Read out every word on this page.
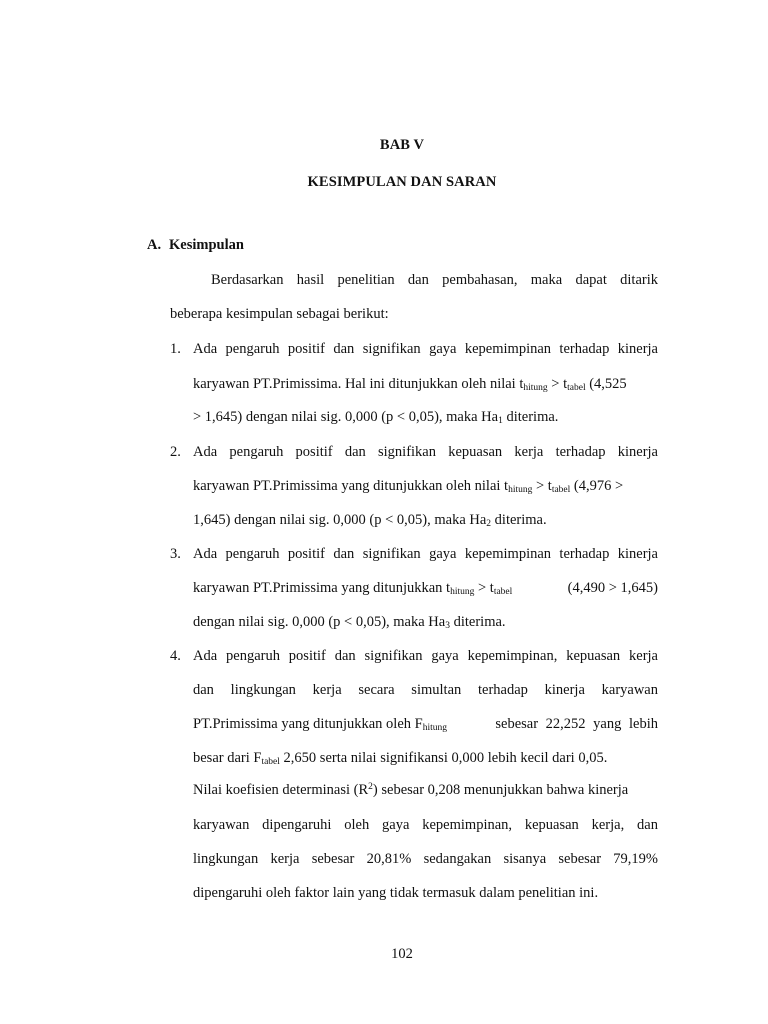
BAB V
KESIMPULAN DAN SARAN
A. Kesimpulan
Berdasarkan hasil penelitian dan pembahasan, maka dapat ditarik
beberapa kesimpulan sebagai berikut:
1. Ada pengaruh positif dan signifikan gaya kepemimpinan terhadap kinerja
karyawan PT.Primissima. Hal ini ditunjukkan oleh nilai $t_{hitung} > t_{tabel}$ (4,525
> 1,645) dengan nilai sig. 0,000 (p < 0,05), maka $Ha_1$ diterima.
2. Ada pengaruh positif dan signifikan kepuasan kerja terhadap kinerja
karyawan PT.Primissima yang ditunjukkan oleh nilai $t_{hitung} > t_{tabel}$ (4,976 >
1,645) dengan nilai sig. 0,000 (p < 0,05), maka $Ha_2$ diterima.
3. Ada pengaruh positif dan signifikan gaya kepemimpinan terhadap kinerja
karyawan PT.Primissima yang ditunjukkan $t_{hitung} > t_{tabel}$	(4,490 > 1,645)
dengan nilai sig. 0,000 (p < 0,05), maka $Ha_3$ diterima.
4. Ada pengaruh positif dan signifikan gaya kepemimpinan, kepuasan kerja
dan lingkungan kerja secara simultan terhadap kinerja karyawan
PT.Primissima yang ditunjukkan oleh $F_{hitung}$	sebesar 22,252 yang lebih
besar dari $F_{tabel}$ 2,650 serta nilai signifikansi 0,000 lebih kecil dari 0,05.
Nilai koefisien determinasi $(R^2)$ sebesar 0,208 menunjukkan bahwa kinerja
karyawan dipengaruhi oleh gaya kepemimpinan, kepuasan kerja, dan
lingkungan kerja sebesar 20,81% sedangakan sisanya sebesar 79,19%
dipengaruhi oleh faktor lain yang tidak termasuk dalam penelitian ini.
102
